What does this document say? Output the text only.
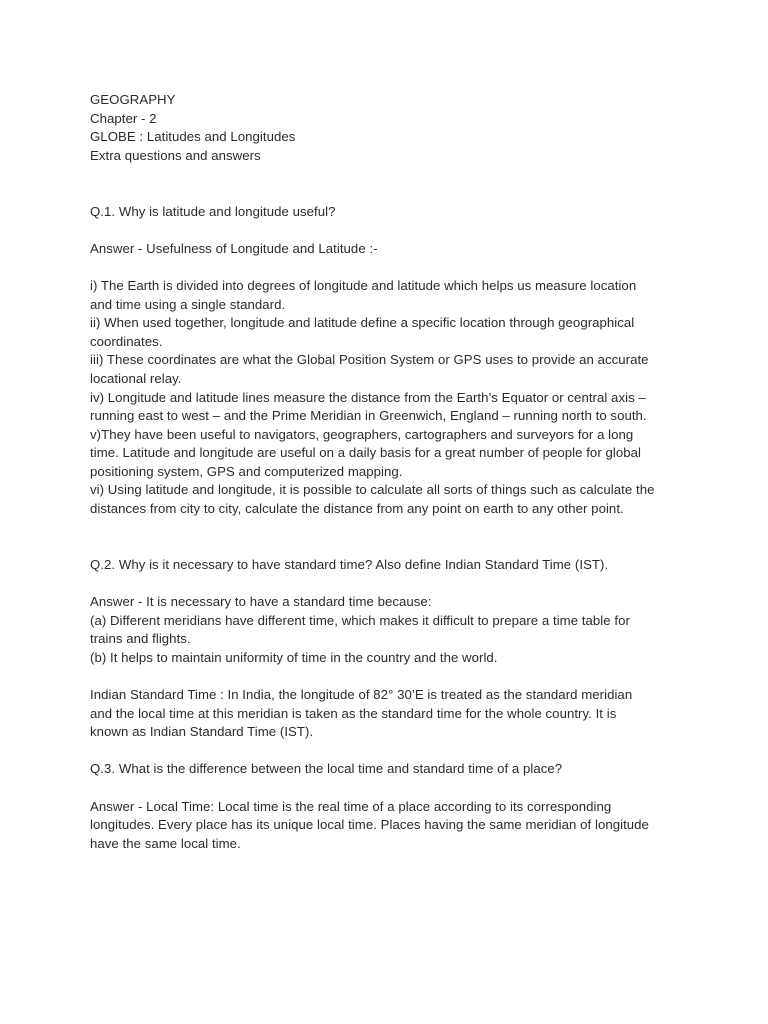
GEOGRAPHY
Chapter - 2
GLOBE : Latitudes and Longitudes
Extra questions and answers
Q.1. Why is latitude and longitude useful?
Answer - Usefulness of Longitude and Latitude :-
i) The Earth is divided into degrees of longitude and latitude which helps us measure location
and time using a single standard.
ii) When used together, longitude and latitude define a specific location through geographical
coordinates.
iii) These coordinates are what the Global Position System or GPS uses to provide an accurate
locational relay.
iv) Longitude and latitude lines measure the distance from the Earth’s Equator or central axis –
running east to west – and the Prime Meridian in Greenwich, England – running north to south.
v)They have been useful to navigators, geographers, cartographers and surveyors for a long
time. Latitude and longitude are useful on a daily basis for a great number of people for global
positioning system, GPS and computerized mapping.
vi) Using latitude and longitude, it is possible to calculate all sorts of things such as calculate the
distances from city to city, calculate the distance from any point on earth to any other point.
Q.2. Why is it necessary to have standard time? Also define Indian Standard Time (IST).
Answer - It is necessary to have a standard time because:
(a) Different meridians have different time, which makes it difficult to prepare a time table for
trains and flights.
(b) It helps to maintain uniformity of time in the country and the world.
Indian Standard Time : In India, the longitude of 82° 30’E is treated as the standard meridian
and the local time at this meridian is taken as the standard time for the whole country. It is
known as Indian Standard Time (IST).
Q.3. What is the difference between the local time and standard time of a place?
Answer - Local Time: Local time is the real time of a place according to its corresponding
longitudes. Every place has its unique local time. Places having the same meridian of longitude
have the same local time.
